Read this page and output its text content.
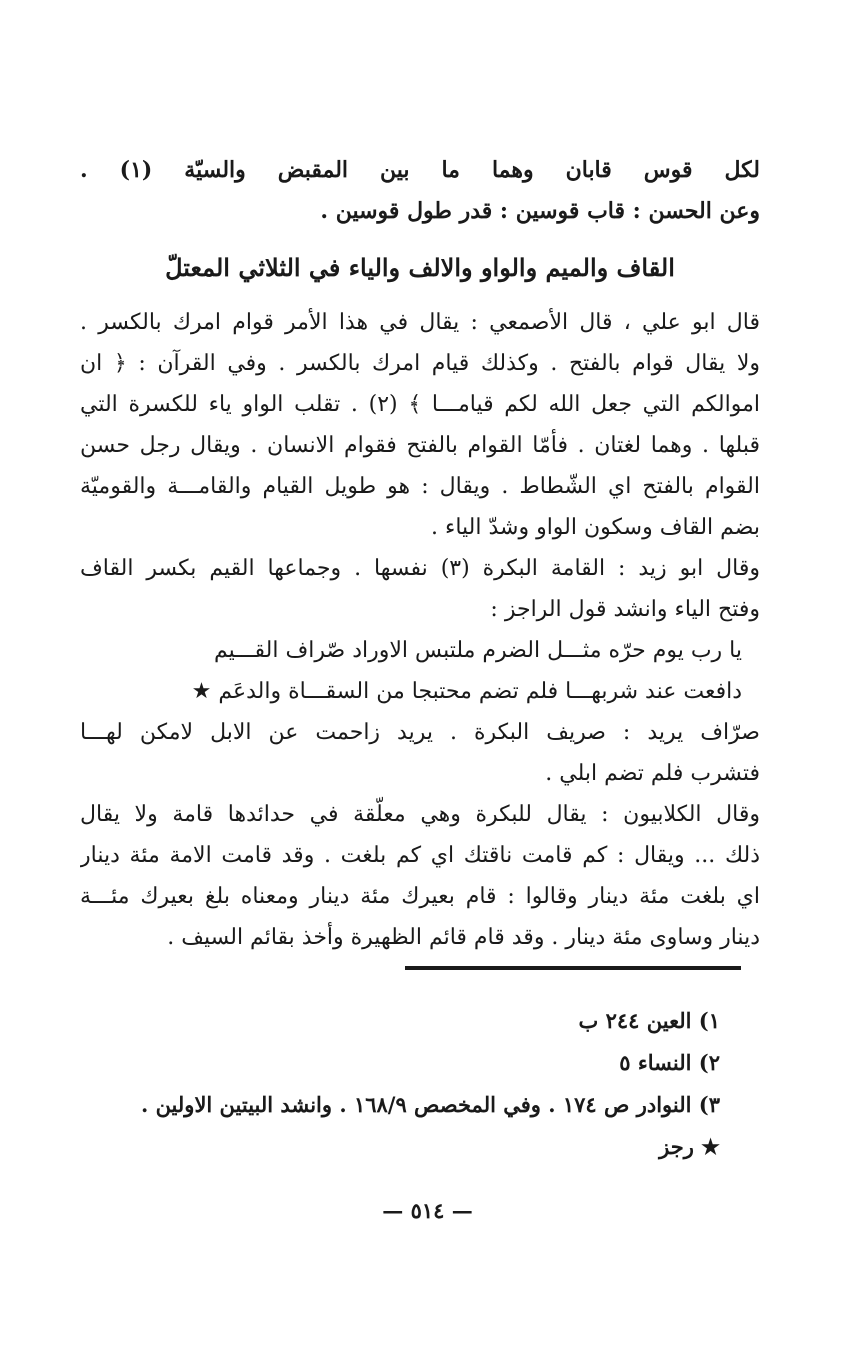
لكل قوس قابان وهما ما بين المقبض والسيّة (١) .
وعن الحسن : قاب قوسين : قدر طول قوسين .
القاف والميم والواو والالف والياء في الثلاثي المعتلّ
قال ابو علي ، قال الأصمعي : يقال في هذا الأمر قوام امرك بالكسر .
ولا يقال قوام بالفتح . وكذلك قيام امرك بالكسر . وفي القرآن : ﴿ ان
اموالكم التي جعل الله لكم قيامـــا ﴾ (٢) . تقلب الواو ياء للكسرة التي
قبلها . وهما لغتان . فأمّا القوام بالفتح فقوام الانسان . ويقال رجل حسن
القوام بالفتح اي الشّطاط . ويقال : هو طويل القيام والقامـــة والقوميّة
بضم القاف وسكون الواو وشدّ الياء .
وقال ابو زيد : القامة البكرة (٣) نفسها . وجماعها القيم بكسر القاف
وفتح الياء وانشد قول الراجز :
يا رب يوم حرّه مثـــل الضرم ملتبس الاوراد صّراف القـــيم
دافعت عند شربهـــا فلم تضم محتبجا من السقـــاة والدعَم ★
صرّاف يريد : صريف البكرة . يريد زاحمت عن الابل لامكن لهـــا
فتشرب فلم تضم ابلي .
وقال الكلابيون : يقال للبكرة وهي معلّقة في حدائدها قامة ولا يقال
ذلك ... ويقال : كم قامت ناقتك اي كم بلغت . وقد قامت الامة مئة دينار
اي بلغت مئة دينار وقالوا : قام بعيرك مئة دينار ومعناه بلغ بعيرك مئـــة
دينار وساوى مئة دينار . وقد قام قائم الظهيرة وأخذ بقائم السيف .
١) العين ٢٤٤ ب
٢) النساء ٥
٣) النوادر ص ١٧٤ . وفي المخصص ١٦٨/٩ . وانشد البيتين الاولين .
★ رجز
— ٥١٤ —
